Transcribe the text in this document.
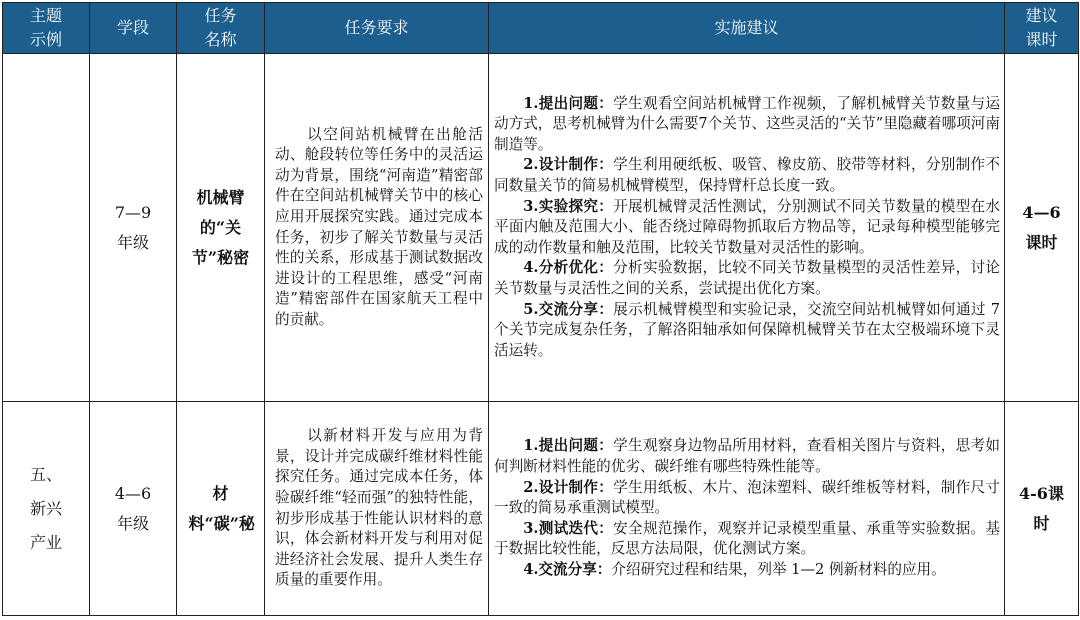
主题示例	学段	任务名称	任务要求	实施建议	建议课时

	7—9年级	机械臂的“关节”秘密	以空间站机械臂在出舱活动、舱段转位等任务中的灵活运动为背景，围绕“河南造”精密部件在空间站机械臂关节中的核心应用开展探究实践。通过完成本任务，初步了解关节数量与灵活性的关系，形成基于测试数据改进设计的工程思维，感受“河南造”精密部件在国家航天工程中的贡献。	1.提出问题：学生观看空间站机械臂工作视频，了解机械臂关节数量与运动方式，思考机械臂为什么需要7个关节、这些灵活的“关节”里隐藏着哪项河南制造等。

2.设计制作：学生利用硬纸板、吸管、橡皮筋、胶带等材料，分别制作不同数量关节的简易机械臂模型，保持臂杆总长度一致。

3.实验探究：开展机械臂灵活性测试，分别测试不同关节数量的模型在水平面内触及范围大小、能否绕过障碍物抓取后方物品等，记录每种模型能够完成的动作数量和触及范围，比较关节数量对灵活性的影响。

4.分析优化：分析实验数据，比较不同关节数量模型的灵活性差异，讨论关节数量与灵活性之间的关系，尝试提出优化方案。

5.交流分享：展示机械臂模型和实验记录，交流空间站机械臂如何通过 7 个关节完成复杂任务，了解洛阳轴承如何保障机械臂关节在太空极端环境下灵活运转。	4—6课时

五、新兴产业	4—6年级	材料“碳”秘	以新材料开发与应用为背景，设计并完成碳纤维材料性能探究任务。通过完成本任务，体验碳纤维“轻而强”的独特性能，初步形成基于性能认识材料的意识，体会新材料开发与利用对促进经济社会发展、提升人类生存质量的重要作用。	1.提出问题：学生观察身边物品所用材料，查看相关图片与资料，思考如何判断材料性能的优劣、碳纤维有哪些特殊性能等。

2.设计制作：学生用纸板、木片、泡沫塑料、碳纤维板等材料，制作尺寸一致的简易承重测试模型。

3.测试迭代：安全规范操作，观察并记录模型重量、承重等实验数据。基于数据比较性能，反思方法局限，优化测试方案。

4.交流分享：介绍研究过程和结果，列举 1—2 例新材料的应用。	4-6课时
